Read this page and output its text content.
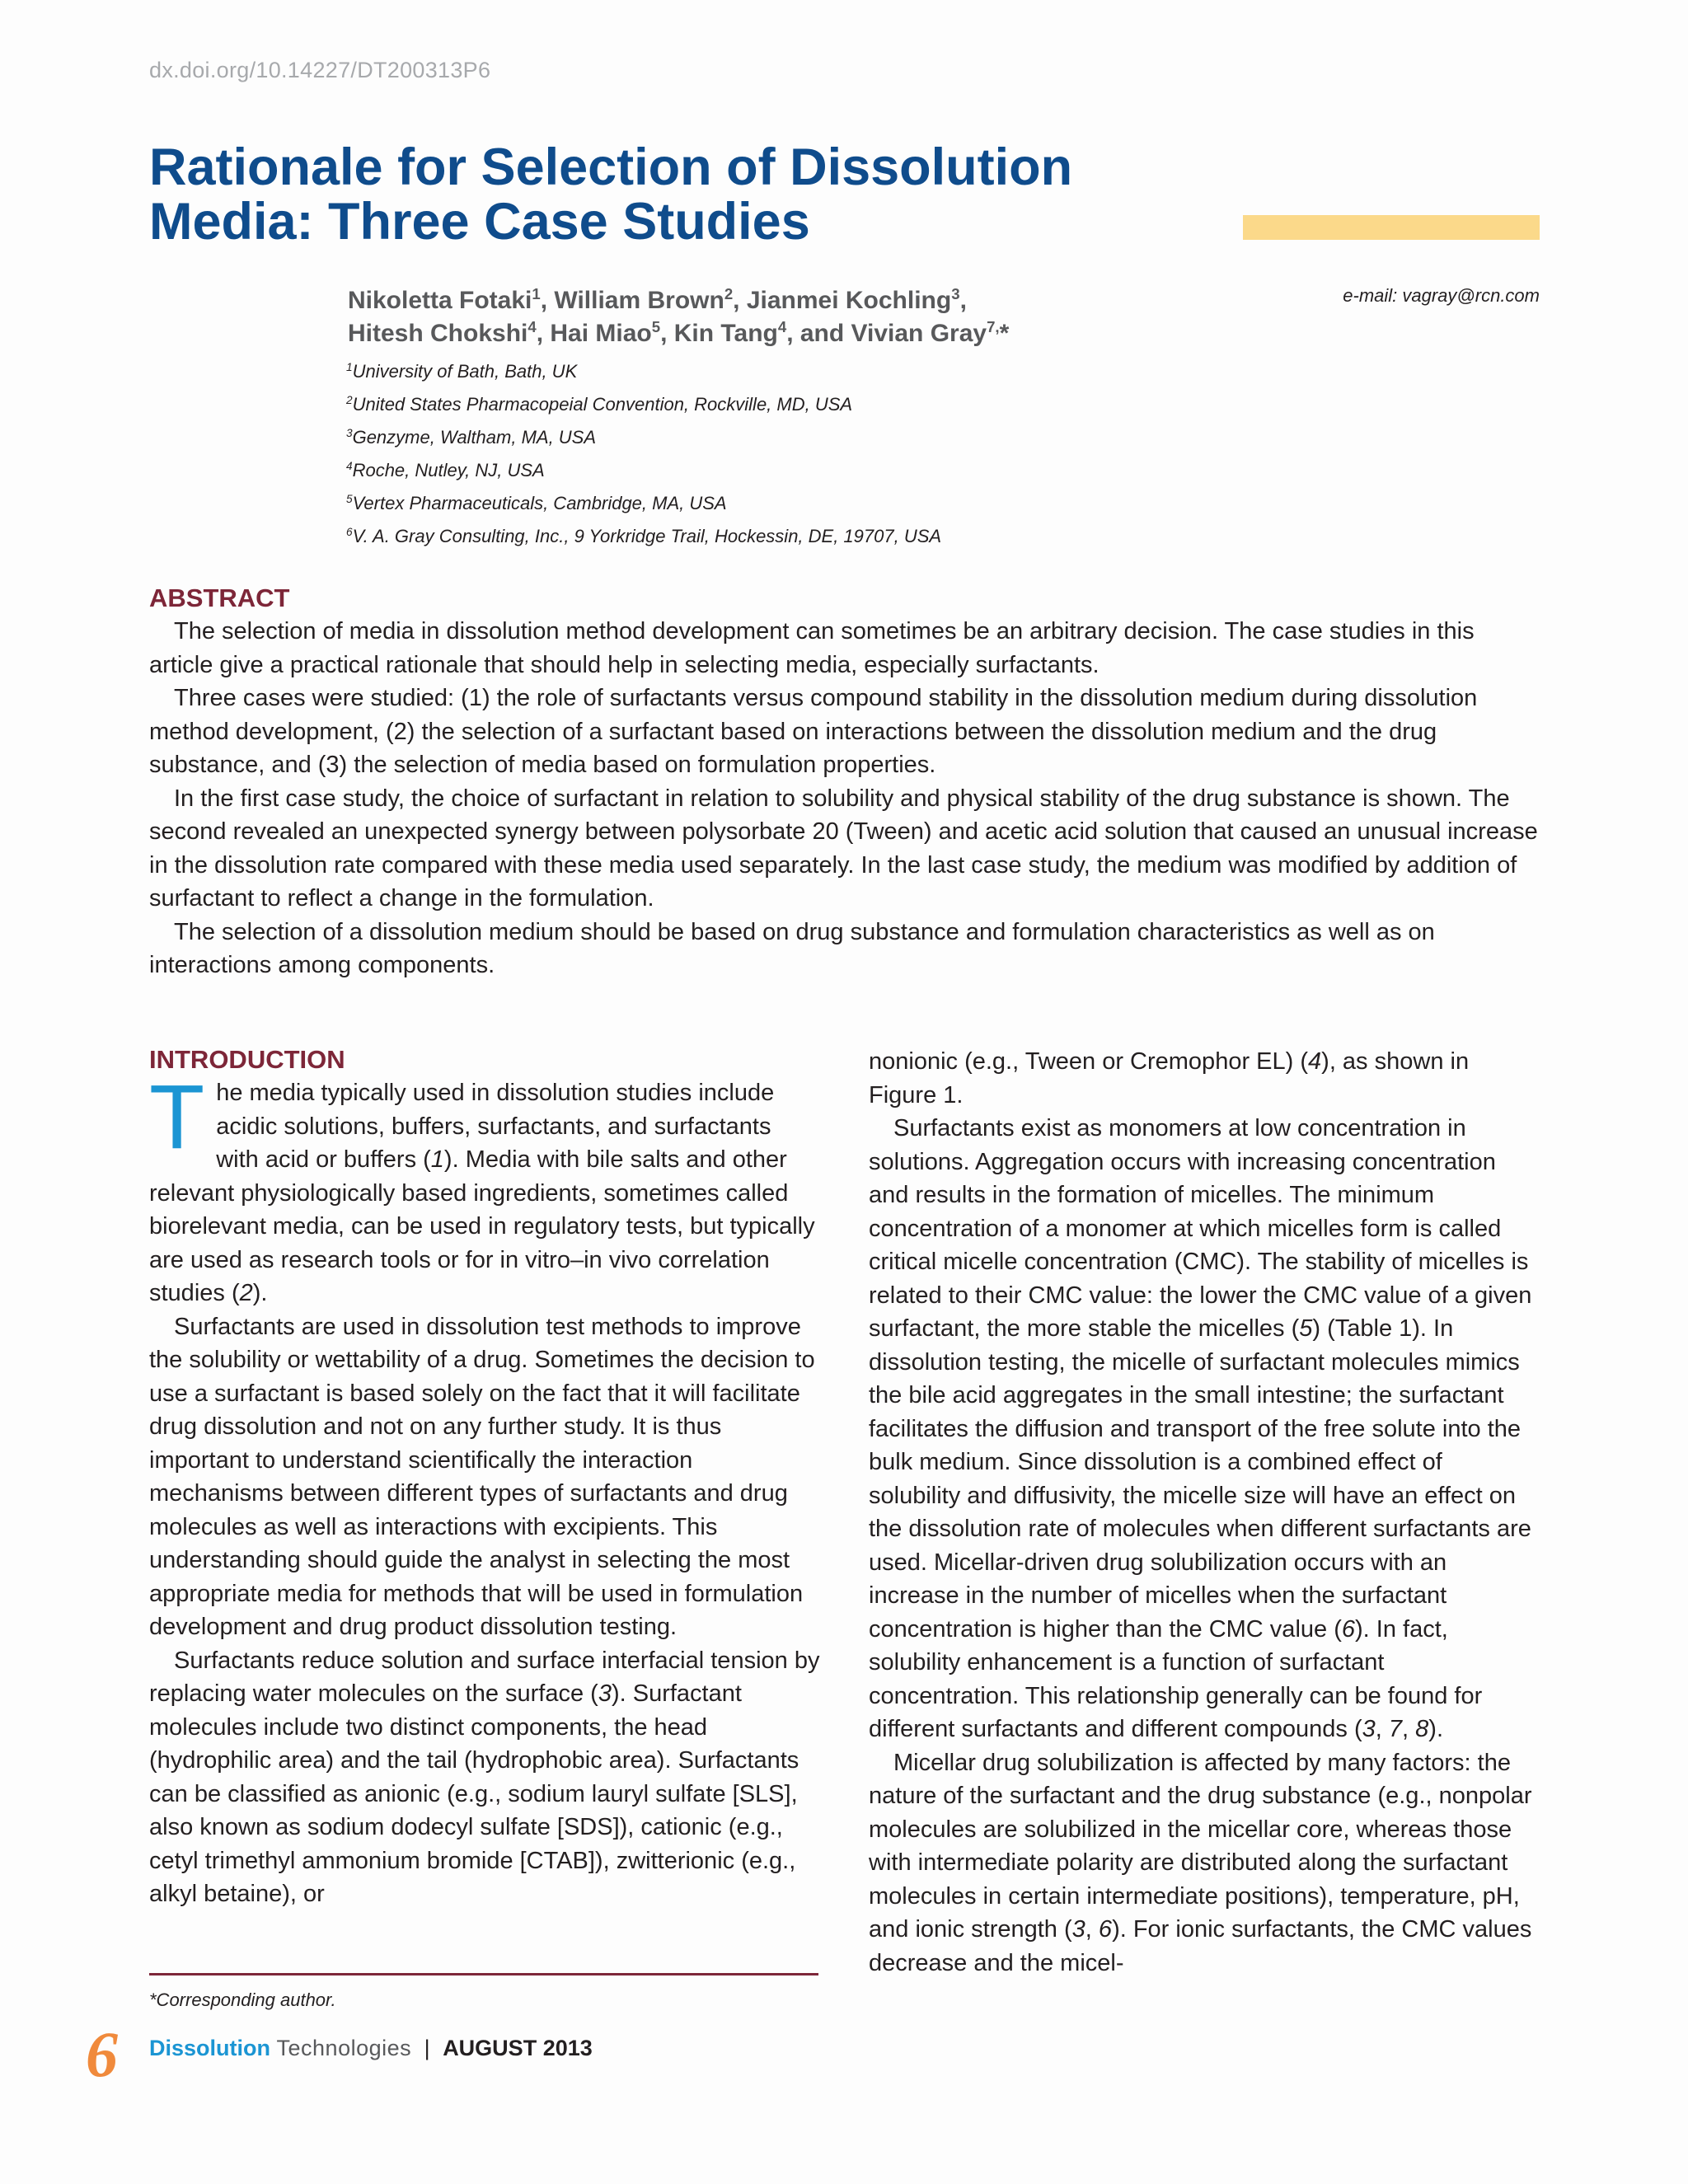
dx.doi.org/10.14227/DT200313P6
Rationale for Selection of Dissolution
Media: Three Case Studies
e-mail: vagray@rcn.com
Nikoletta Fotaki$^1$, William Brown$^2$, Jianmei Kochling$^3$,
Hitesh Chokshi$^4$, Hai Miao$^5$, Kin Tang$^4$, and Vivian Gray$^{7,}$*
$^1$University of Bath, Bath, UK
$^2$United States Pharmacopeial Convention, Rockville, MD, USA
$^3$Genzyme, Waltham, MA, USA
$^4$Roche, Nutley, NJ, USA
$^5$Vertex Pharmaceuticals, Cambridge, MA, USA
$^6$V. A. Gray Consulting, Inc., 9 Yorkridge Trail, Hockessin, DE, 19707, USA
ABSTRACT

The selection of media in dissolution method development can sometimes be an arbitrary decision. The case studies in this article give a practical rationale that should help in selecting media, especially surfactants.

Three cases were studied: (1) the role of surfactants versus compound stability in the dissolution medium during dissolution method development, (2) the selection of a surfactant based on interactions between the dissolution medium and the drug substance, and (3) the selection of media based on formulation properties.

In the first case study, the choice of surfactant in relation to solubility and physical stability of the drug substance is shown. The second revealed an unexpected synergy between polysorbate 20 (Tween) and acetic acid solution that caused an unusual increase in the dissolution rate compared with these media used separately. In the last case study, the medium was modified by addition of surfactant to reflect a change in the formulation.

The selection of a dissolution medium should be based on drug substance and formulation characteristics as well as on interactions among components.

INTRODUCTION

The media typically used in dissolution studies include acidic solutions, buffers, surfactants, and surfactants with acid or buffers (1). Media with bile salts and other relevant physiologically based ingredients, sometimes called biorelevant media, can be used in regulatory tests, but typically are used as research tools or for in vitro–in vivo correlation studies (2).

Surfactants are used in dissolution test methods to improve the solubility or wettability of a drug. Sometimes the decision to use a surfactant is based solely on the fact that it will facilitate drug dissolution and not on any further study. It is thus important to understand scientifically the interaction mechanisms between different types of surfactants and drug molecules as well as interactions with excipients. This understanding should guide the analyst in selecting the most appropriate media for methods that will be used in formulation development and drug product dissolution testing.

Surfactants reduce solution and surface interfacial tension by replacing water molecules on the surface (3). Surfactant molecules include two distinct components, the head (hydrophilic area) and the tail (hydrophobic area). Surfactants can be classified as anionic (e.g., sodium lauryl sulfate [SLS], also known as sodium dodecyl sulfate [SDS]), cationic (e.g., cetyl trimethyl ammonium bromide [CTAB]), zwitterionic (e.g., alkyl betaine), or

nonionic (e.g., Tween or Cremophor EL) (4), as shown in Figure 1.

Surfactants exist as monomers at low concentration in solutions. Aggregation occurs with increasing concentration and results in the formation of micelles. The minimum concentration of a monomer at which micelles form is called critical micelle concentration (CMC). The stability of micelles is related to their CMC value: the lower the CMC value of a given surfactant, the more stable the micelles (5) (Table 1). In dissolution testing, the micelle of surfactant molecules mimics the bile acid aggregates in the small intestine; the surfactant facilitates the diffusion and transport of the free solute into the bulk medium. Since dissolution is a combined effect of solubility and diffusivity, the micelle size will have an effect on the dissolution rate of molecules when different surfactants are used. Micellar-driven drug solubilization occurs with an increase in the number of micelles when the surfactant concentration is higher than the CMC value (6). In fact, solubility enhancement is a function of surfactant concentration. This relationship generally can be found for different surfactants and different compounds (3, 7, 8).

Micellar drug solubilization is affected by many factors: the nature of the surfactant and the drug substance (e.g., nonpolar molecules are solubilized in the micellar core, whereas those with intermediate polarity are distributed along the surfactant molecules in certain intermediate positions), temperature, pH, and ionic strength (3, 6). For ionic surfactants, the CMC values decrease and the micel-

*Corresponding author.
6 Dissolution Technologies | AUGUST 2013
